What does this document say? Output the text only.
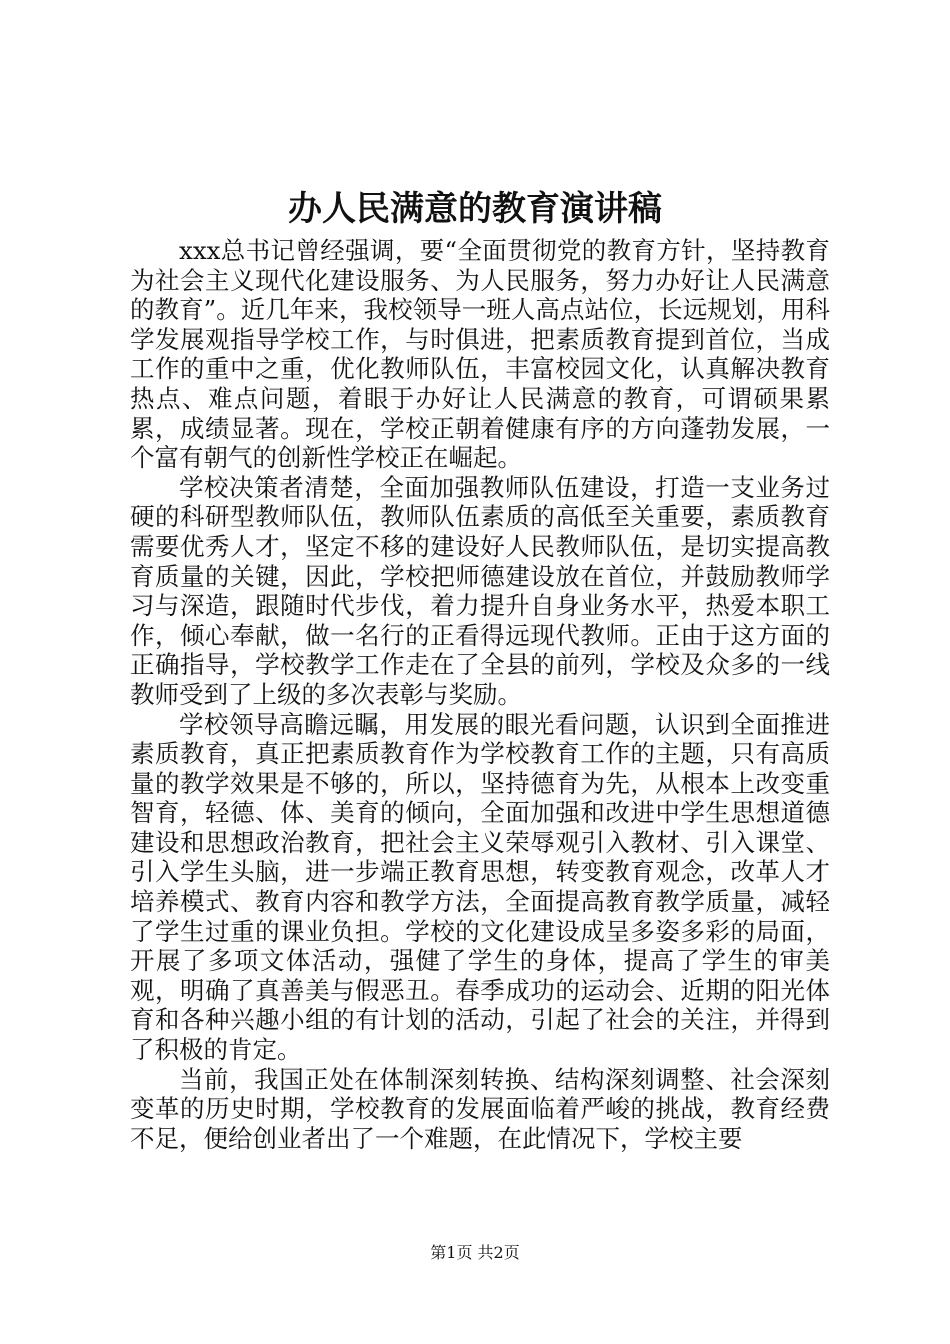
办人民满意的教育演讲稿

xxx总书记曾经强调，要“全面贯彻党的教育方针，坚持教育为社会主义现代化建设服务、为人民服务，努力办好让人民满意的教育”。近几年来，我校领导一班人高点站位，长远规划，用科学发展观指导学校工作，与时俱进，把素质教育提到首位，当成工作的重中之重，优化教师队伍，丰富校园文化，认真解决教育热点、难点问题，着眼于办好让人民满意的教育，可谓硕果累累，成绩显著。现在，学校正朝着健康有序的方向蓬勃发展，一个富有朝气的创新性学校正在崛起。

学校决策者清楚，全面加强教师队伍建设，打造一支业务过硬的科研型教师队伍，教师队伍素质的高低至关重要，素质教育需要优秀人才，坚定不移的建设好人民教师队伍，是切实提高教育质量的关键，因此，学校把师德建设放在首位，并鼓励教师学习与深造，跟随时代步伐，着力提升自身业务水平，热爱本职工作，倾心奉献，做一名行的正看得远现代教师。正由于这方面的正确指导，学校教学工作走在了全县的前列，学校及众多的一线教师受到了上级的多次表彰与奖励。

学校领导高瞻远瞩，用发展的眼光看问题，认识到全面推进素质教育，真正把素质教育作为学校教育工作的主题，只有高质量的教学效果是不够的，所以，坚持德育为先，从根本上改变重智育，轻德、体、美育的倾向，全面加强和改进中学生思想道德建设和思想政治教育，把社会主义荣辱观引入教材、引入课堂、引入学生头脑，进一步端正教育思想，转变教育观念，改革人才培养模式、教育内容和教学方法，全面提高教育教学质量，减轻了学生过重的课业负担。学校的文化建设成呈多姿多彩的局面，开展了多项文体活动，强健了学生的身体，提高了学生的审美观，明确了真善美与假恶丑。春季成功的运动会、近期的阳光体育和各种兴趣小组的有计划的活动，引起了社会的关注，并得到了积极的肯定。

当前，我国正处在体制深刻转换、结构深刻调整、社会深刻变革的历史时期，学校教育的发展面临着严峻的挑战，教育经费不足，便给创业者出了一个难题，在此情况下，学校主要

第1页 共2页
